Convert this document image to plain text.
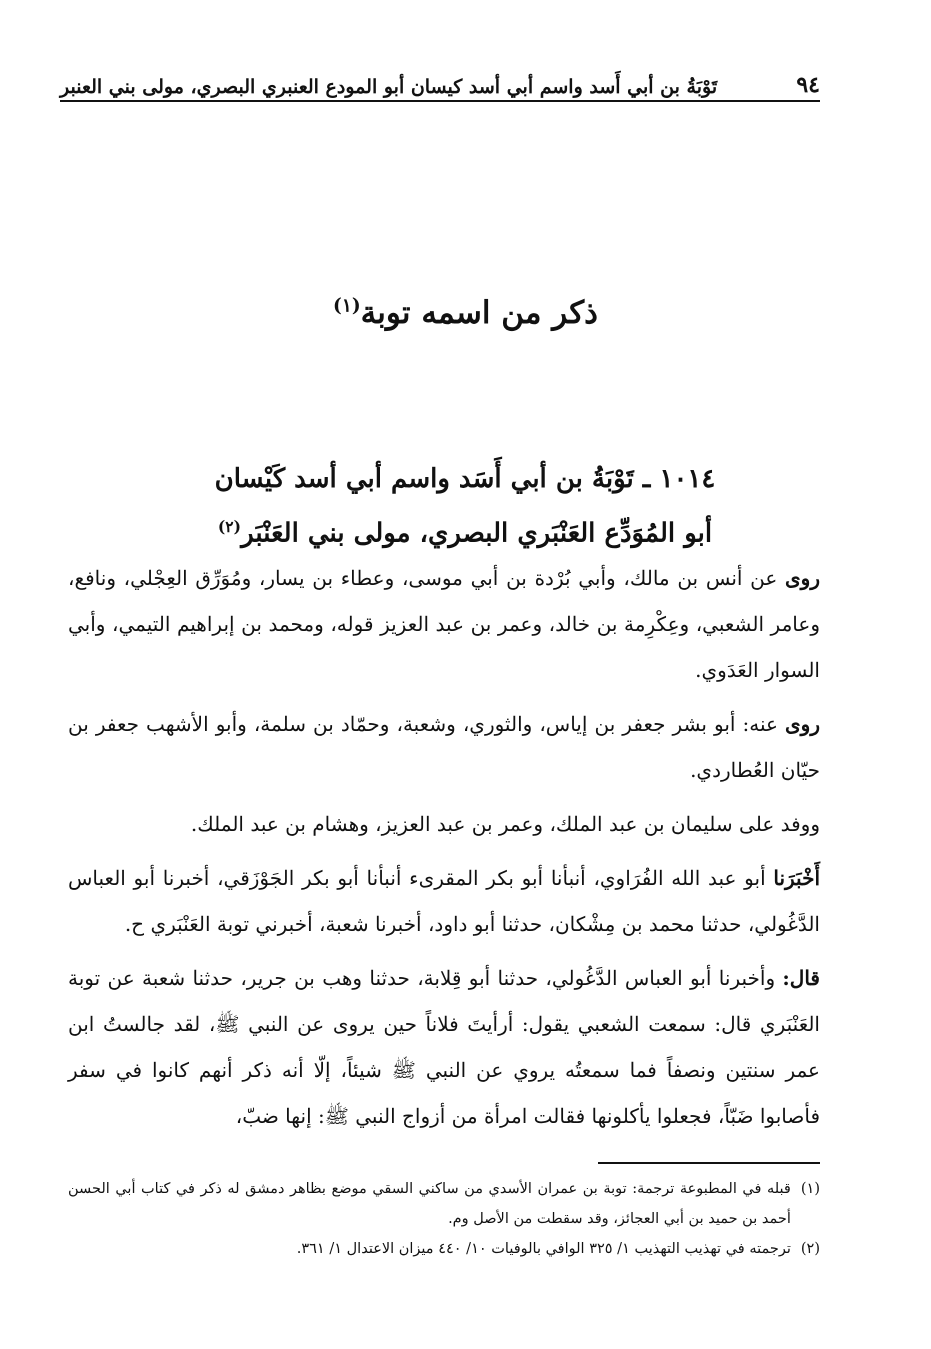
٩٤
تَوْبَةُ بن أبي أَسد واسم أبي أسد كيسان أبو المودع العنبري البصري، مولى بني العنبر
ذكر من اسمه توبة$^{(١)}$
١٠١٤ ـ تَوْبَةُ بن أبي أَسَد واسم أبي أسد كَيْسان
أبو المُوَدِّع العَنْبَري البصري، مولى بني العَنْبَر$^{(٢)}$

روى عن أنس بن مالك، وأبي بُرْدة بن أبي موسى، وعطاء بن يسار، ومُوَرِّق العِجْلي، ونافع، وعامر الشعبي، وعِكْرِمة بن خالد، وعمر بن عبد العزيز قوله، ومحمد بن إبراهيم التيمي، وأبي السوار العَدَوي.

روى عنه: أبو بشر جعفر بن إياس، والثوري، وشعبة، وحمّاد بن سلمة، وأبو الأشهب جعفر بن حيّان العُطاردي.

ووفد على سليمان بن عبد الملك، وعمر بن عبد العزيز، وهشام بن عبد الملك.

أَخْبَرَنا أبو عبد الله الفُرَاوي، أنبأنا أبو بكر المقرىء أنبأنا أبو بكر الجَوْزَقي، أخبرنا أبو العباس الدَّغُولي، حدثنا محمد بن مِشْكان، حدثنا أبو داود، أخبرنا شعبة، أخبرني توبة العَنْبَري ح.

قال: وأخبرنا أبو العباس الدَّغُولي، حدثنا أبو قِلابة، حدثنا وهب بن جرير، حدثنا شعبة عن توبة العَنْبَري قال: سمعت الشعبي يقول: أرأيتَ فلاناً حين يروى عن النبي ﷺ، لقد جالستُ ابن عمر سنتين ونصفاً فما سمعتُه يروي عن النبي ﷺ شيئاً، إلّا أنه ذكر أنهم كانوا في سفر فأصابوا ضَبّاً، فجعلوا يأكلونها فقالت امرأة من أزواج النبي ﷺ: إنها ضبّ،

(١)
قبله في المطبوعة ترجمة: توبة بن عمران الأسدي من ساكني السقي موضع بظاهر دمشق له ذكر في كتاب أبي الحسن أحمد بن حميد بن أبي العجائز، وقد سقطت من الأصل وم.
(٢)
ترجمته في تهذيب التهذيب ١/ ٣٢٥ الوافي بالوفيات ١٠/ ٤٤٠ ميزان الاعتدال ١/ ٣٦١.
